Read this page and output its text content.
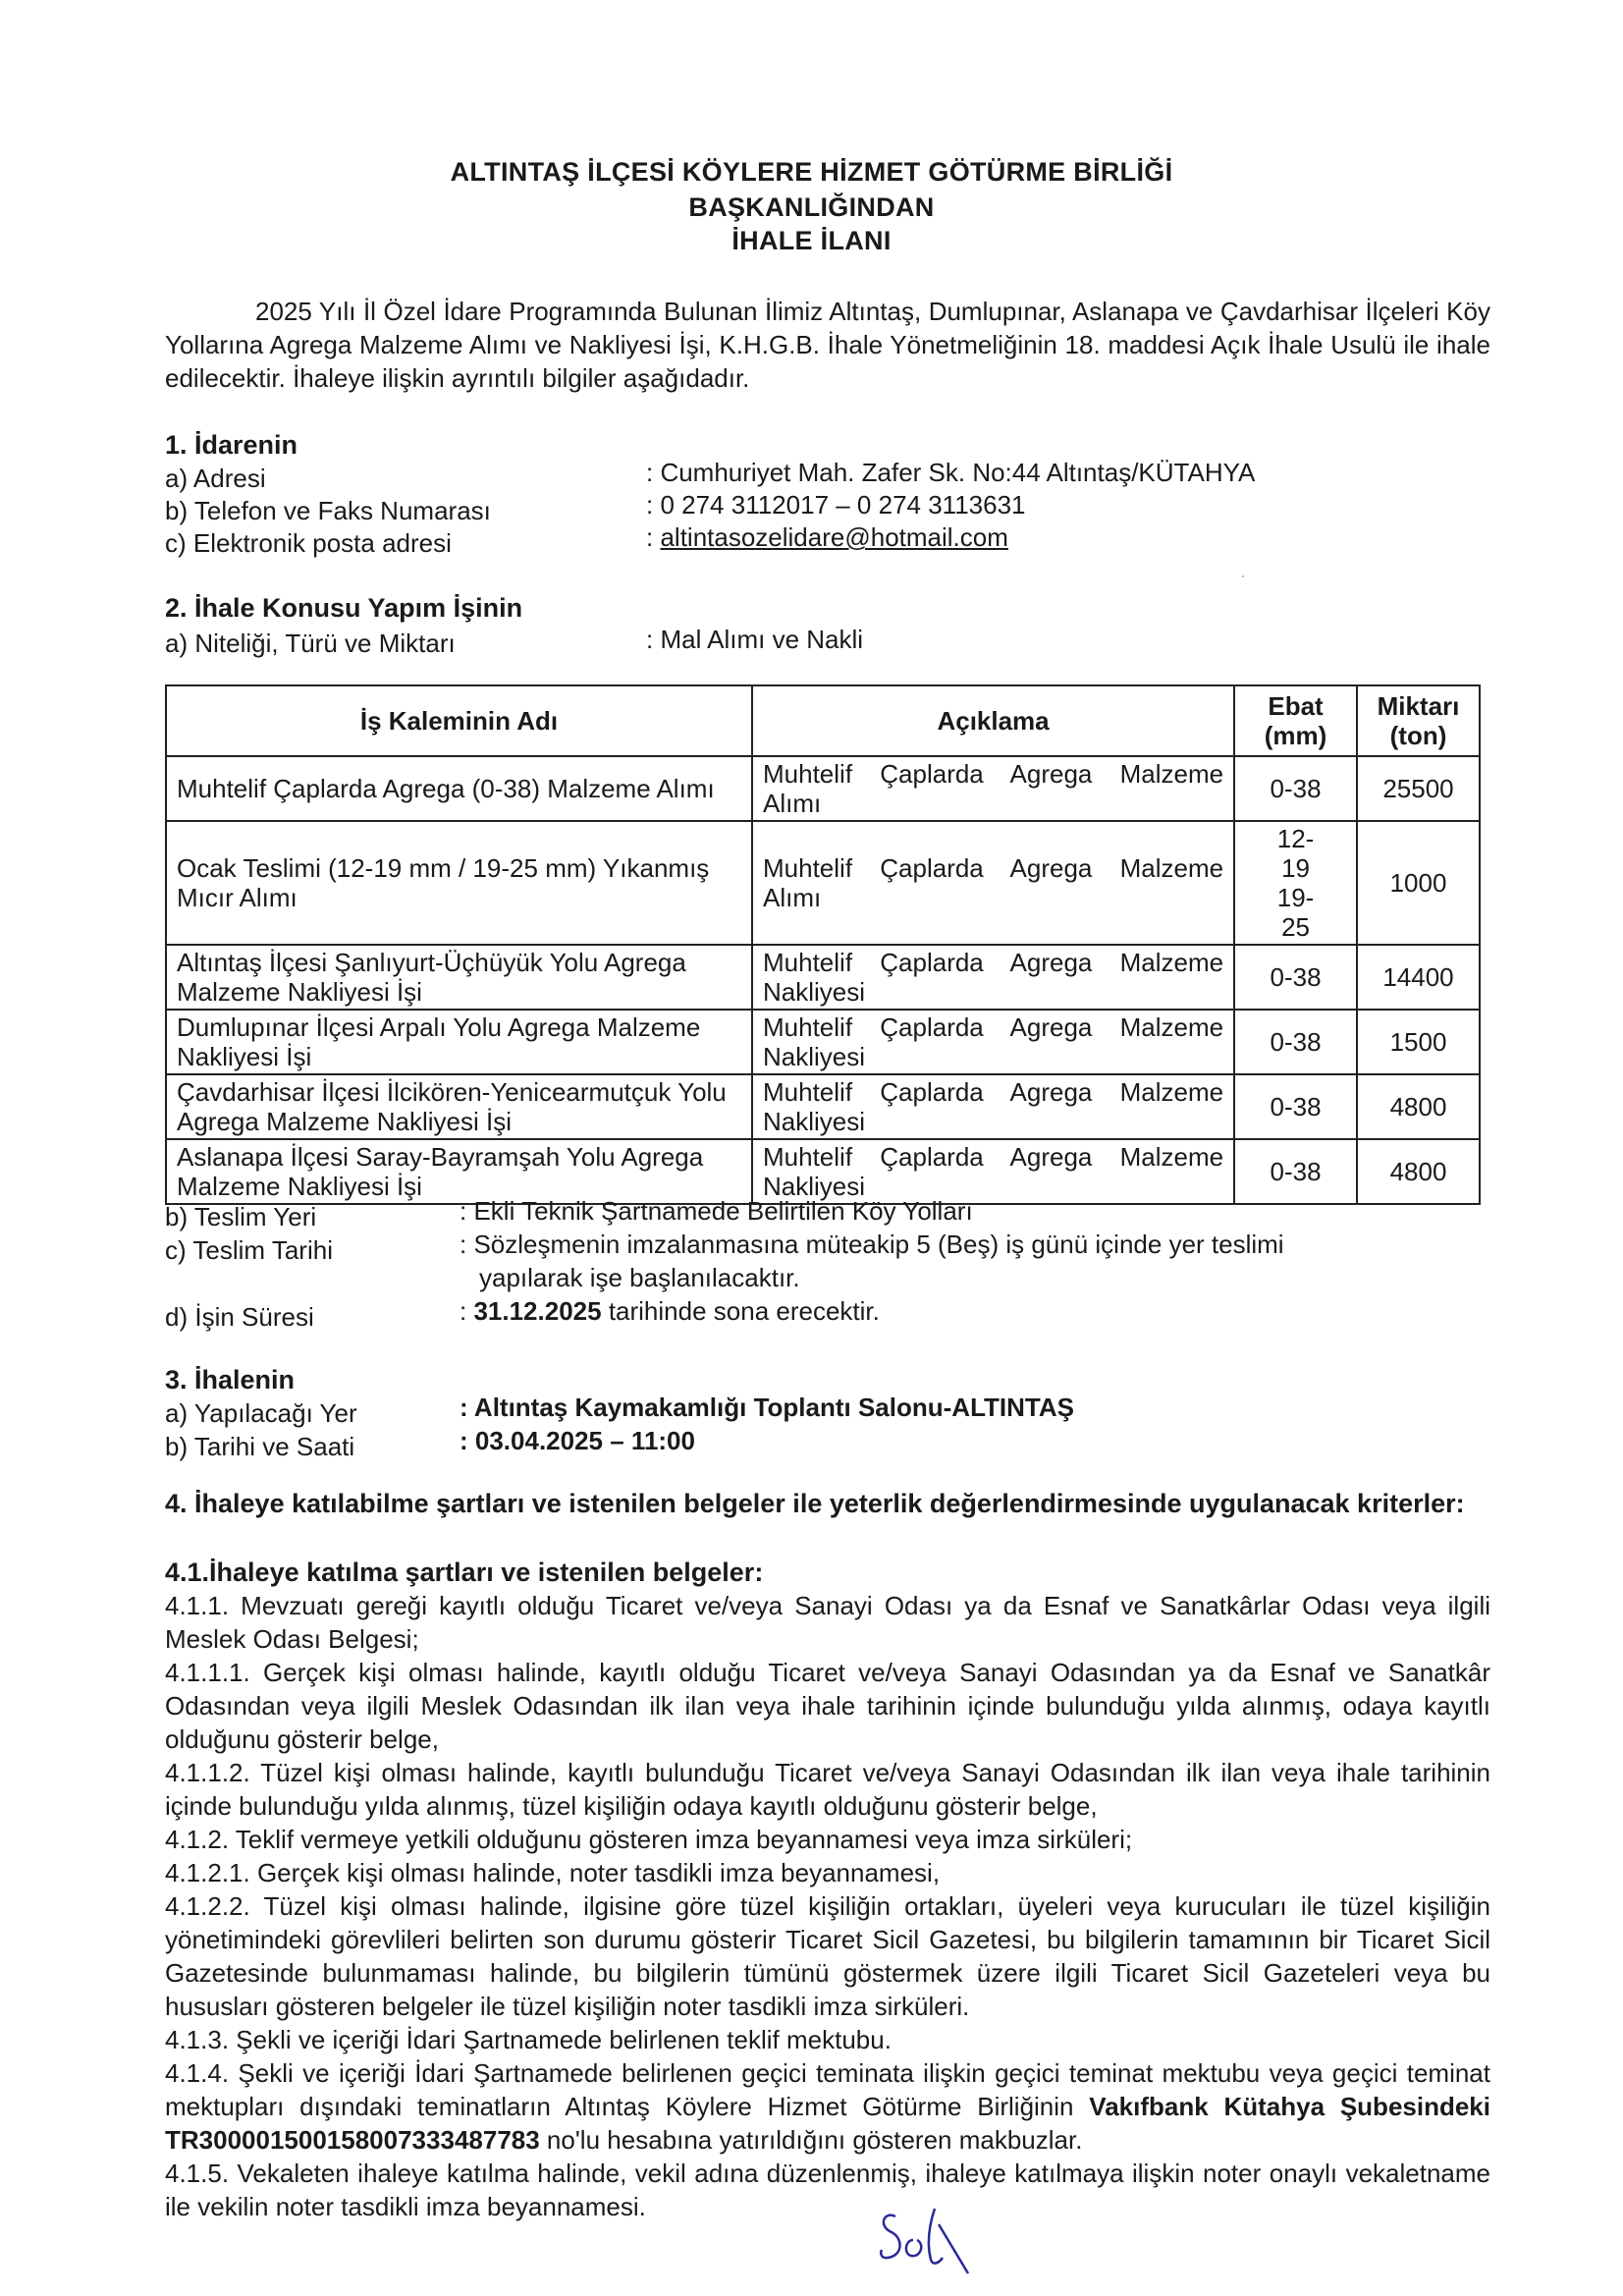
ALTINTAŞ İLÇESİ KÖYLERE HİZMET GÖTÜRME BİRLİĞİ
BAŞKANLIĞINDAN
İHALE İLANI
2025 Yılı İl Özel İdare Programında Bulunan İlimiz Altıntaş, Dumlupınar, Aslanapa ve Çavdarhisar İlçeleri Köy Yollarına Agrega Malzeme Alımı ve Nakliyesi İşi, K.H.G.B. İhale Yönetmeliğinin 18. maddesi Açık İhale Usulü ile ihale edilecektir. İhaleye ilişkin ayrıntılı bilgiler aşağıdadır.
1. İdarenin
a) Adresi	: Cumhuriyet Mah. Zafer Sk. No:44 Altıntaş/KÜTAHYA
b) Telefon ve Faks Numarası	: 0 274 3112017 – 0 274 3113631
c) Elektronik posta adresi	: altintasozelidare@hotmail.com
2. İhale Konusu Yapım İşinin
a) Niteliği, Türü ve Miktarı	: Mal Alımı ve Nakli
İş Kaleminin Adı	Açıklama	Ebat (mm)	Miktarı (ton)
Muhtelif Çaplarda Agrega (0-38) Malzeme Alımı	Muhtelif Çaplarda Agrega Malzeme Alımı	0-38	25500
Ocak Teslimi (12-19 mm / 19-25 mm) Yıkanmış Mıcır Alımı	Muhtelif Çaplarda Agrega Malzeme Alımı	12-19 19-25	1000
Altıntaş İlçesi Şanlıyurt-Üçhüyük Yolu Agrega Malzeme Nakliyesi İşi	Muhtelif Çaplarda Agrega Malzeme Nakliyesi	0-38	14400
Dumlupınar İlçesi Arpalı Yolu Agrega Malzeme Nakliyesi İşi	Muhtelif Çaplarda Agrega Malzeme Nakliyesi	0-38	1500
Çavdarhisar İlçesi İlcikören-Yenicearmutçuk Yolu Agrega Malzeme Nakliyesi İşi	Muhtelif Çaplarda Agrega Malzeme Nakliyesi	0-38	4800
Aslanapa İlçesi Saray-Bayramşah Yolu Agrega Malzeme Nakliyesi İşi	Muhtelif Çaplarda Agrega Malzeme Nakliyesi	0-38	4800
b) Teslim Yeri	: Ekli Teknik Şartnamede Belirtilen Köy Yolları
c) Teslim Tarihi	: Sözleşmenin imzalanmasına müteakip 5 (Beş) iş günü içinde yer teslimi
yapılarak işe başlanılacaktır.
d) İşin Süresi	: 31.12.2025 tarihinde sona erecektir.
3. İhalenin
a) Yapılacağı Yer	: Altıntaş Kaymakamlığı Toplantı Salonu-ALTINTAŞ
b) Tarihi ve Saati	: 03.04.2025 – 11:00
4. İhaleye katılabilme şartları ve istenilen belgeler ile yeterlik değerlendirmesinde uygulanacak kriterler:
4.1.İhaleye katılma şartları ve istenilen belgeler:
4.1.1. Mevzuatı gereği kayıtlı olduğu Ticaret ve/veya Sanayi Odası ya da Esnaf ve Sanatkârlar Odası veya ilgili Meslek Odası Belgesi;
4.1.1.1. Gerçek kişi olması halinde, kayıtlı olduğu Ticaret ve/veya Sanayi Odasından ya da Esnaf ve Sanatkâr Odasından veya ilgili Meslek Odasından ilk ilan veya ihale tarihinin içinde bulunduğu yılda alınmış, odaya kayıtlı olduğunu gösterir belge,
4.1.1.2. Tüzel kişi olması halinde, kayıtlı bulunduğu Ticaret ve/veya Sanayi Odasından ilk ilan veya ihale tarihinin içinde bulunduğu yılda alınmış, tüzel kişiliğin odaya kayıtlı olduğunu gösterir belge,
4.1.2. Teklif vermeye yetkili olduğunu gösteren imza beyannamesi veya imza sirküleri;
4.1.2.1. Gerçek kişi olması halinde, noter tasdikli imza beyannamesi,
4.1.2.2. Tüzel kişi olması halinde, ilgisine göre tüzel kişiliğin ortakları, üyeleri veya kurucuları ile tüzel kişiliğin yönetimindeki görevlileri belirten son durumu gösterir Ticaret Sicil Gazetesi, bu bilgilerin tamamının bir Ticaret Sicil Gazetesinde bulunmaması halinde, bu bilgilerin tümünü göstermek üzere ilgili Ticaret Sicil Gazeteleri veya bu hususları gösteren belgeler ile tüzel kişiliğin noter tasdikli imza sirküleri.
4.1.3. Şekli ve içeriği İdari Şartnamede belirlenen teklif mektubu.
4.1.4. Şekli ve içeriği İdari Şartnamede belirlenen geçici teminata ilişkin geçici teminat mektubu veya geçici teminat mektupları dışındaki teminatların Altıntaş Köylere Hizmet Götürme Birliğinin Vakıfbank Kütahya Şubesindeki TR300001500158007333487783 no'lu hesabına yatırıldığını gösteren makbuzlar.
4.1.5. Vekaleten ihaleye katılma halinde, vekil adına düzenlenmiş, ihaleye katılmaya ilişkin noter onaylı vekaletname ile vekilin noter tasdikli imza beyannamesi.
